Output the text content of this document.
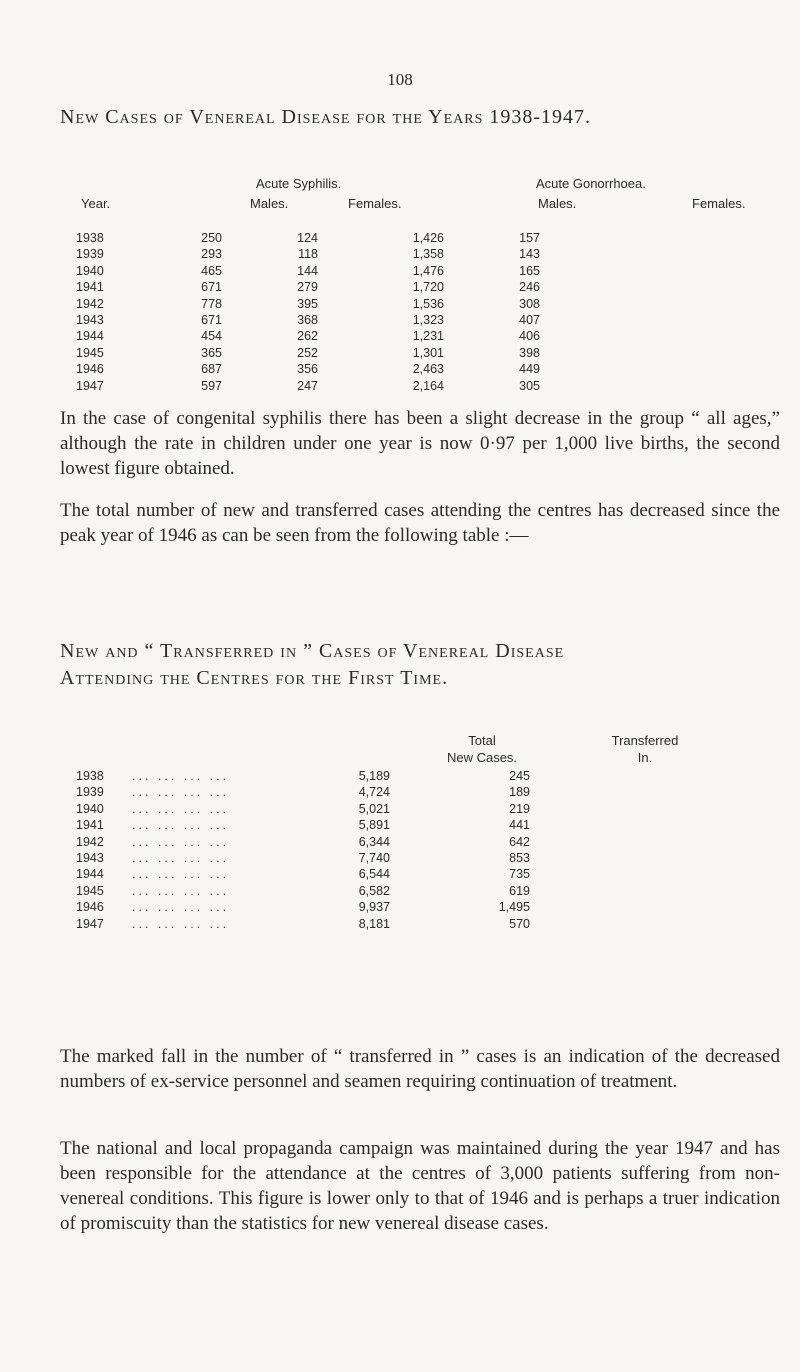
108
New Cases of Venereal Disease for the Years 1938-1947.
Acute Syphilis.	Acute Gonorrhoea.
Year.	Males.	Females.	Males.	Females.
1938	250	124	1,426	157
1939	293	118	1,358	143
1940	465	144	1,476	165
1941	671	279	1,720	246
1942	778	395	1,536	308
1943	671	368	1,323	407
1944	454	262	1,231	406
1945	365	252	1,301	398
1946	687	356	2,463	449
1947	597	247	2,164	305

In the case of congenital syphilis there has been a slight decrease in the group “ all ages,” although the rate in children under one year is now 0·97 per 1,000 live births, the second lowest figure obtained.

The total number of new and transferred cases attending the centres has decreased since the peak year of 1946 as can be seen from the following table :—

New and “ Transferred in ” Cases of Venereal Disease
Attending the Centres for the First Time.
Total
New Cases.
Transferred
In.
1938	... ... ... ...	5,189	245
1939	... ... ... ...	4,724	189
1940	... ... ... ...	5,021	219
1941	... ... ... ...	5,891	441
1942	... ... ... ...	6,344	642
1943	... ... ... ...	7,740	853
1944	... ... ... ...	6,544	735
1945	... ... ... ...	6,582	619
1946	... ... ... ...	9,937	1,495
1947	... ... ... ...	8,181	570

The marked fall in the number of “ transferred in ” cases is an indication of the decreased numbers of ex-service personnel and seamen requiring continuation of treatment.

The national and local propaganda campaign was maintained during the year 1947 and has been responsible for the attendance at the centres of 3,000 patients suffering from non-venereal conditions. This figure is lower only to that of 1946 and is perhaps a truer indication of promiscuity than the statistics for new venereal disease cases.
